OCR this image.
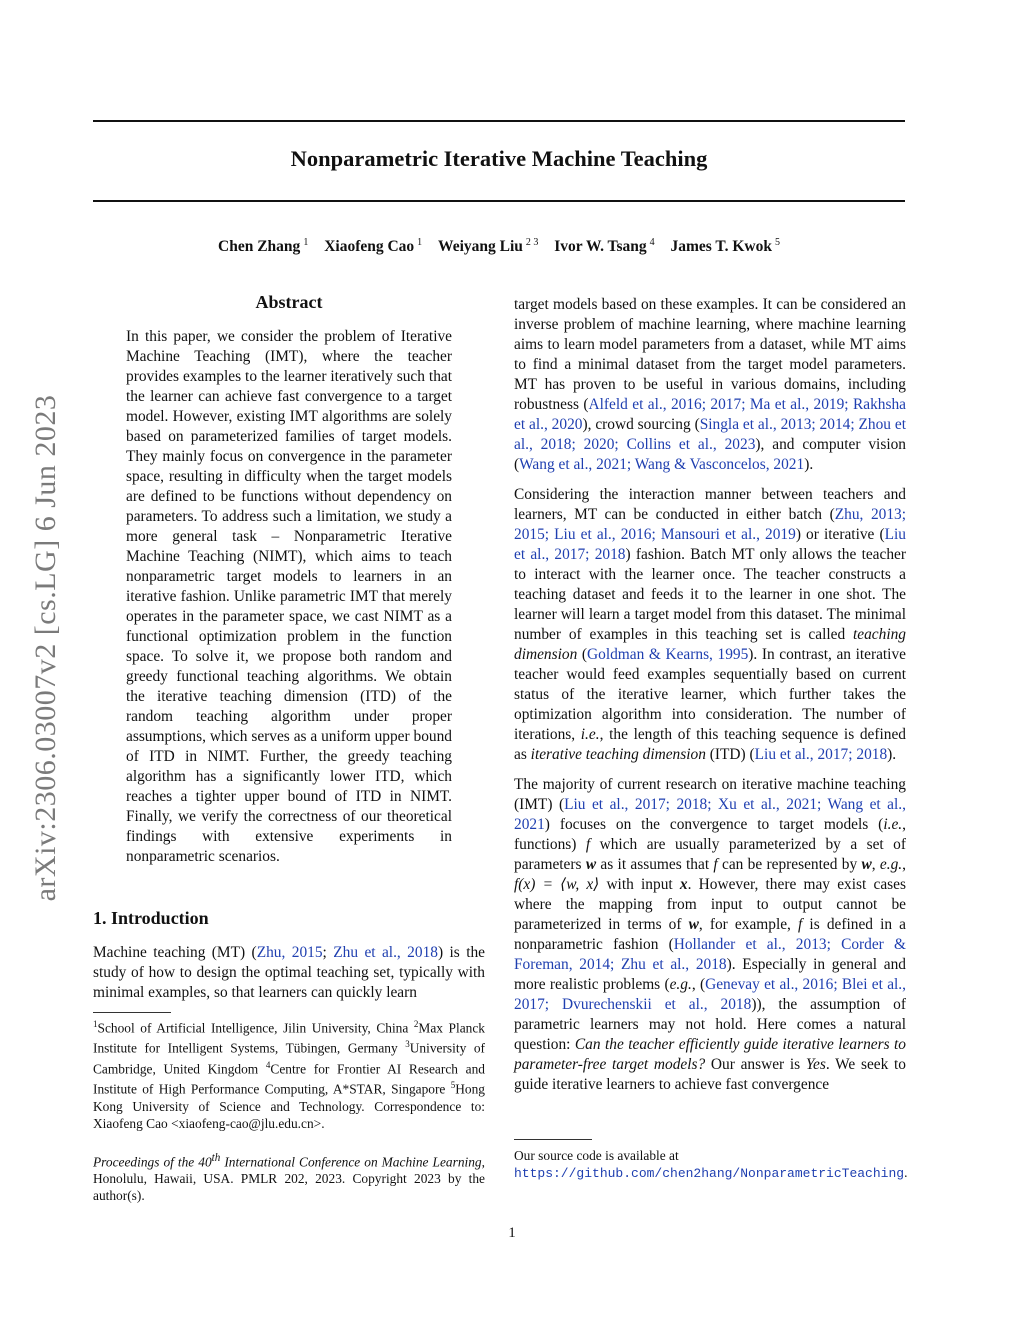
arXiv:2306.03007v2 [cs.LG] 6 Jun 2023
Nonparametric Iterative Machine Teaching
Chen Zhang $^1$ Xiaofeng Cao $^1$ Weiyang Liu $^{2 3}$ Ivor W. Tsang $^4$ James T. Kwok $^5$
Abstract

In this paper, we consider the problem of Iterative Machine Teaching (IMT), where the teacher provides examples to the learner iteratively such that the learner can achieve fast convergence to a target model. However, existing IMT algorithms are solely based on parameterized families of target models. They mainly focus on convergence in the parameter space, resulting in difficulty when the target models are defined to be functions without dependency on parameters. To address such a limitation, we study a more general task – Nonparametric Iterative Machine Teaching (NIMT), which aims to teach nonparametric target models to learners in an iterative fashion. Unlike parametric IMT that merely operates in the parameter space, we cast NIMT as a functional optimization problem in the function space. To solve it, we propose both random and greedy functional teaching algorithms. We obtain the iterative teaching dimension (ITD) of the random teaching algorithm under proper assumptions, which serves as a uniform upper bound of ITD in NIMT. Further, the greedy teaching algorithm has a significantly lower ITD, which reaches a tighter upper bound of ITD in NIMT. Finally, we verify the correctness of our theoretical findings with extensive experiments in nonparametric scenarios.

1. Introduction

Machine teaching (MT) (Zhu, 2015; Zhu et al., 2018) is the study of how to design the optimal teaching set, typically with minimal examples, so that learners can quickly learn

$^1$School of Artificial Intelligence, Jilin University, China $^2$Max Planck Institute for Intelligent Systems, Tübingen, Germany $^3$University of Cambridge, United Kingdom $^4$Centre for Frontier AI Research and Institute of High Performance Computing, A*STAR, Singapore $^5$Hong Kong University of Science and Technology. Correspondence to: Xiaofeng Cao <xiaofeng-cao@jlu.edu.cn>.
Proceedings of the 40th International Conference on Machine Learning, Honolulu, Hawaii, USA. PMLR 202, 2023. Copyright 2023 by the author(s).

target models based on these examples. It can be considered an inverse problem of machine learning, where machine learning aims to learn model parameters from a dataset, while MT aims to find a minimal dataset from the target model parameters. MT has proven to be useful in various domains, including robustness (Alfeld et al., 2016; 2017; Ma et al., 2019; Rakhsha et al., 2020), crowd sourcing (Singla et al., 2013; 2014; Zhou et al., 2018; 2020; Collins et al., 2023), and computer vision (Wang et al., 2021; Wang & Vasconcelos, 2021).

Considering the interaction manner between teachers and learners, MT can be conducted in either batch (Zhu, 2013; 2015; Liu et al., 2016; Mansouri et al., 2019) or iterative (Liu et al., 2017; 2018) fashion. Batch MT only allows the teacher to interact with the learner once. The teacher constructs a teaching dataset and feeds it to the learner in one shot. The learner will learn a target model from this dataset. The minimal number of examples in this teaching set is called teaching dimension (Goldman & Kearns, 1995). In contrast, an iterative teacher would feed examples sequentially based on current status of the iterative learner, which further takes the optimization algorithm into consideration. The number of iterations, i.e., the length of this teaching sequence is defined as iterative teaching dimension (ITD) (Liu et al., 2017; 2018).

The majority of current research on iterative machine teaching (IMT) (Liu et al., 2017; 2018; Xu et al., 2021; Wang et al., 2021) focuses on the convergence to target models (i.e., functions) f which are usually parameterized by a set of parameters w as it assumes that f can be represented by w, e.g., f(x) = ⟨w, x⟩ with input x. However, there may exist cases where the mapping from input to output cannot be parameterized in terms of w, for example, f is defined in a nonparametric fashion (Hollander et al., 2013; Corder & Foreman, 2014; Zhu et al., 2018). Especially in general and more realistic problems (e.g., (Genevay et al., 2016; Blei et al., 2017; Dvurechenskii et al., 2018)), the assumption of parametric learners may not hold. Here comes a natural question: Can the teacher efficiently guide iterative learners to parameter-free target models? Our answer is Yes. We seek to guide iterative learners to achieve fast convergence

Our source code is available at https://github.com/chen2hang/NonparametricTeaching.
1
